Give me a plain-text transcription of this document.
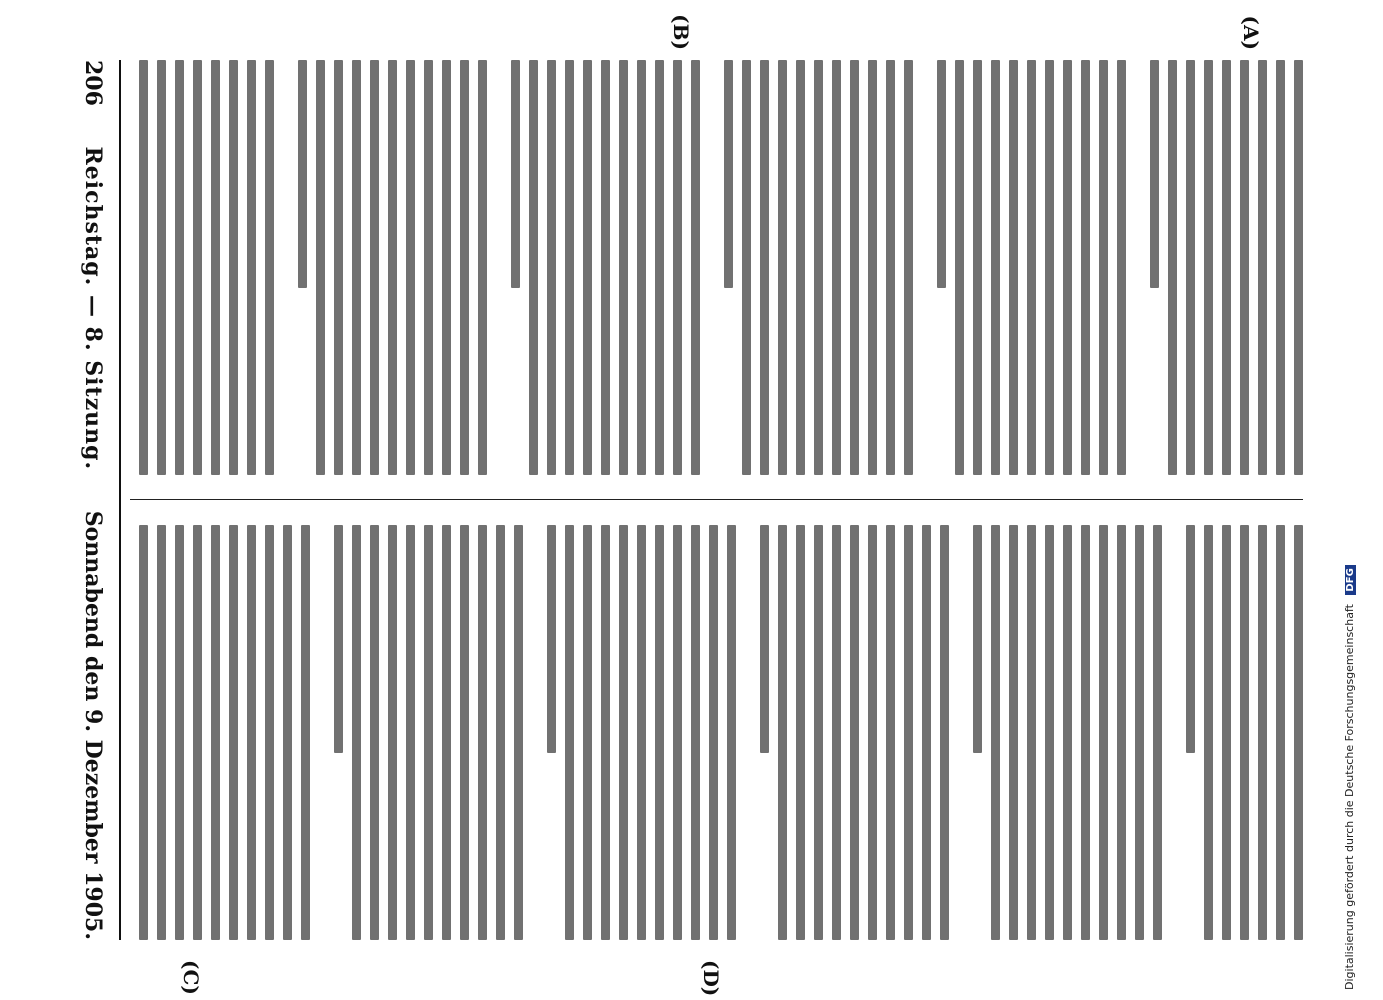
206
Reichstag. — 8. Sitzung.
Sonnabend den 9. Dezember 1905.
(A)
(B)
(C)	(D)	Digitalisierung gefördert durch die Deutsche Forschungsgemeinschaft DFG
